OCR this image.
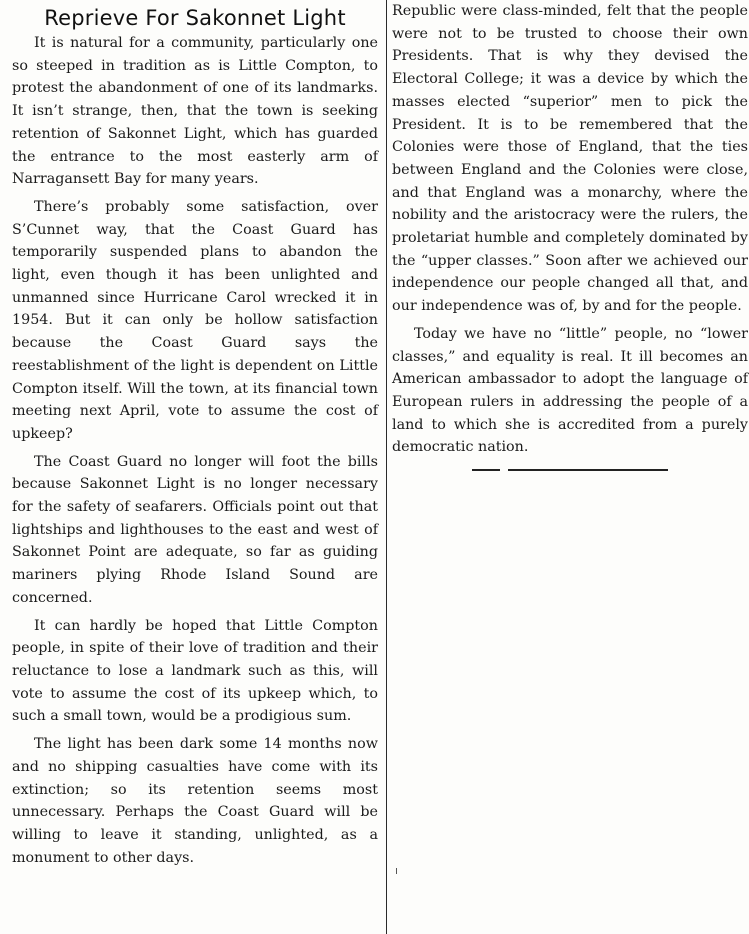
Reprieve For Sakonnet Light

It is natural for a community, particularly one so steeped in tradition as is Little Compton, to protest the abandonment of one of its landmarks. It isn’t strange, then, that the town is seeking retention of Sakonnet Light, which has guarded the entrance to the most easterly arm of Narragansett Bay for many years.

There’s probably some satisfaction, over S’Cunnet way, that the Coast Guard has temporarily suspended plans to abandon the light, even though it has been unlighted and unmanned since Hurricane Carol wrecked it in 1954. But it can only be hollow satisfaction because the Coast Guard says the reestablishment of the light is dependent on Little Compton itself. Will the town, at its financial town meeting next April, vote to assume the cost of upkeep?

The Coast Guard no longer will foot the bills because Sakonnet Light is no longer necessary for the safety of seafarers. Officials point out that lightships and lighthouses to the east and west of Sakonnet Point are adequate, so far as guiding mariners plying Rhode Island Sound are concerned.

It can hardly be hoped that Little Compton people, in spite of their love of tradition and their reluctance to lose a landmark such as this, will vote to assume the cost of its upkeep which, to such a small town, would be a prodigious sum.

The light has been dark some 14 months now and no shipping casualties have come with its extinction; so its retention seems most unnecessary. Perhaps the Coast Guard will be willing to leave it standing, unlighted, as a monument to other days.

Republic were class-minded, felt that the people were not to be trusted to choose their own Presidents. That is why they devised the Electoral College; it was a device by which the masses elected “superior” men to pick the President. It is to be remembered that the Colonies were those of England, that the ties between England and the Colonies were close, and that England was a monarchy, where the nobility and the aristocracy were the rulers, the proletariat humble and completely dominated by the “upper classes.” Soon after we achieved our independence our people changed all that, and our independence was of, by and for the people.

Today we have no “little” people, no “lower classes,” and equality is real. It ill becomes an American ambassador to adopt the language of European rulers in addressing the people of a land to which she is accredited from a purely democratic nation.
